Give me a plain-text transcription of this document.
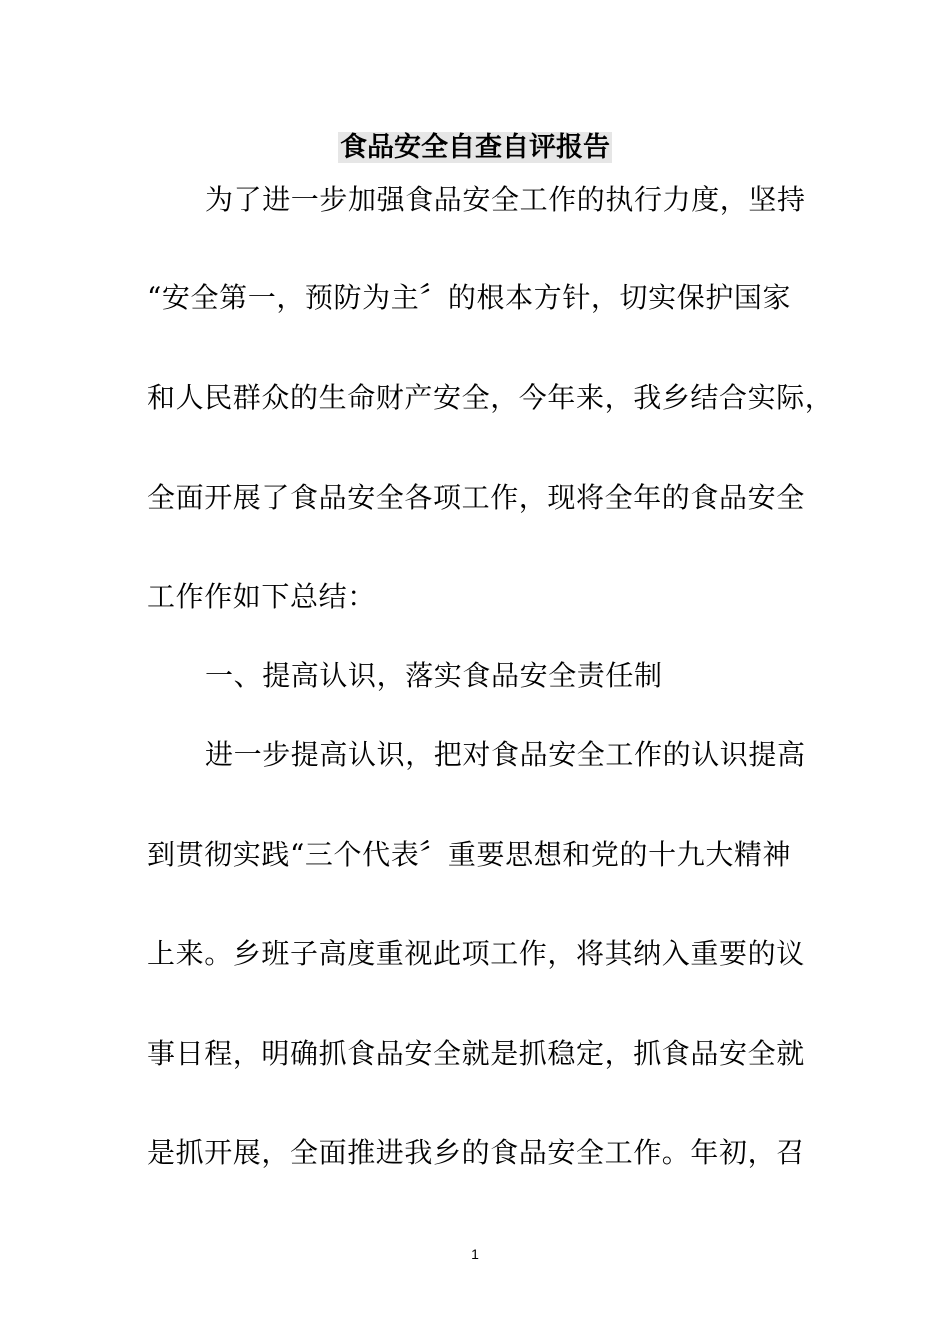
食品安全自查自评报告
为了进一步加强食品安全工作的执行力度，坚持
“安全第一，预防为主〞的根本方针，切实保护国家
和人民群众的生命财产安全，今年来，我乡结合实际，
全面开展了食品安全各项工作，现将全年的食品安全
工作作如下总结：
一、提高认识，落实食品安全责任制
进一步提高认识，把对食品安全工作的认识提高
到贯彻实践“三个代表〞重要思想和党的十九大精神
上来。乡班子高度重视此项工作，将其纳入重要的议
事日程，明确抓食品安全就是抓稳定，抓食品安全就
是抓开展，全面推进我乡的食品安全工作。年初，召
1
